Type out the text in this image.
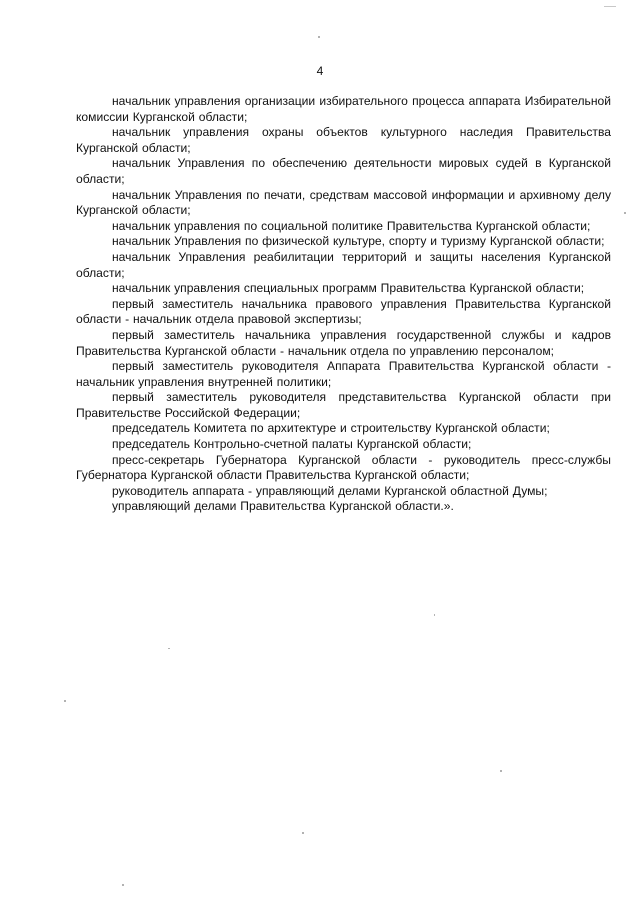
4

начальник управления организации избирательного процесса аппарата Избирательной комиссии Курганской области;

начальник управления охраны объектов культурного наследия Правительства Курганской области;

начальник Управления по обеспечению деятельности мировых судей в Курганской области;

начальник Управления по печати, средствам массовой информации и архивному делу Курганской области;

начальник управления по социальной политике Правительства Курганской области;

начальник Управления по физической культуре, спорту и туризму Курганской области;

начальник Управления реабилитации территорий и защиты населения Курганской области;

начальник управления специальных программ Правительства Курганской области;

первый заместитель начальника правового управления Правительства Курганской области - начальник отдела правовой экспертизы;

первый заместитель начальника управления государственной службы и кадров Правительства Курганской области - начальник отдела по управлению персоналом;

первый заместитель руководителя Аппарата Правительства Курганской области - начальник управления внутренней политики;

первый заместитель руководителя представительства Курганской области при Правительстве Российской Федерации;

председатель Комитета по архитектуре и строительству Курганской области;

председатель Контрольно-счетной палаты Курганской области;

пресс-секретарь Губернатора Курганской области - руководитель пресс-службы Губернатора Курганской области Правительства Курганской области;

руководитель аппарата - управляющий делами Курганской областной Думы;

управляющий делами Правительства Курганской области.».
